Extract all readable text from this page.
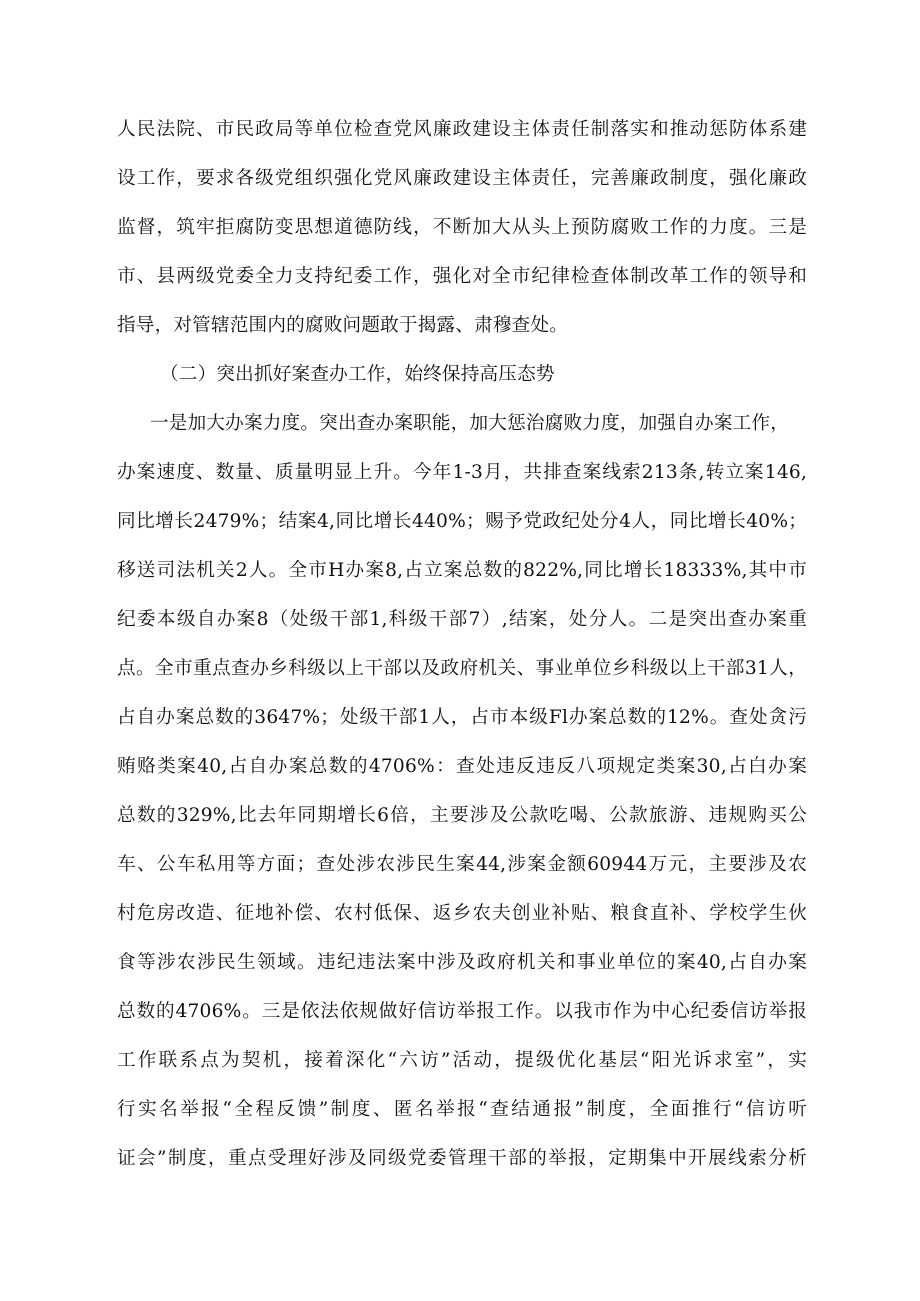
人民法院、市民政局等单位检查党风廉政建设主体责任制落实和推动惩防体系建
设工作，要求各级党组织强化党风廉政建设主体责任，完善廉政制度，强化廉政
监督，筑牢拒腐防变思想道德防线，不断加大从头上预防腐败工作的力度。三是
市、县两级党委全力支持纪委工作，强化对全市纪律检查体制改革工作的领导和
指导，对管辖范围内的腐败问题敢于揭露、肃穆查处。
（二）突出抓好案查办工作，始终保持高压态势
一是加大办案力度。突出查办案职能，加大惩治腐败力度，加强自办案工作，
办案速度、数量、质量明显上升。今年1-3月，共排查案线索213条,转立案146,
同比增长2479%；结案4,同比增长440%；赐予党政纪处分4人，同比增长40%；
移送司法机关2人。全市H办案8,占立案总数的822%,同比增长18333%,其中市
纪委本级自办案8（处级干部1,科级干部7）,结案，处分人。二是突出查办案重
点。全市重点查办乡科级以上干部以及政府机关、事业单位乡科级以上干部31人，
占自办案总数的3647%；处级干部1人，占市本级Fl办案总数的12%。查处贪污
贿赂类案40,占自办案总数的4706%：查处违反违反八项规定类案30,占白办案
总数的329%,比去年同期增长6倍，主要涉及公款吃喝、公款旅游、违规购买公
车、公车私用等方面；查处涉农涉民生案44,涉案金额60944万元，主要涉及农
村危房改造、征地补偿、农村低保、返乡农夫创业补贴、粮食直补、学校学生伙
食等涉农涉民生领域。违纪违法案中涉及政府机关和事业单位的案40,占自办案
总数的4706%。三是依法依规做好信访举报工作。以我市作为中心纪委信访举报
工作联系点为契机，接着深化“六访”活动，提级优化基层“阳光诉求室”，实
行实名举报“全程反馈”制度、匿名举报“查结通报”制度，全面推行“信访听
证会”制度，重点受理好涉及同级党委管理干部的举报，定期集中开展线索分析
